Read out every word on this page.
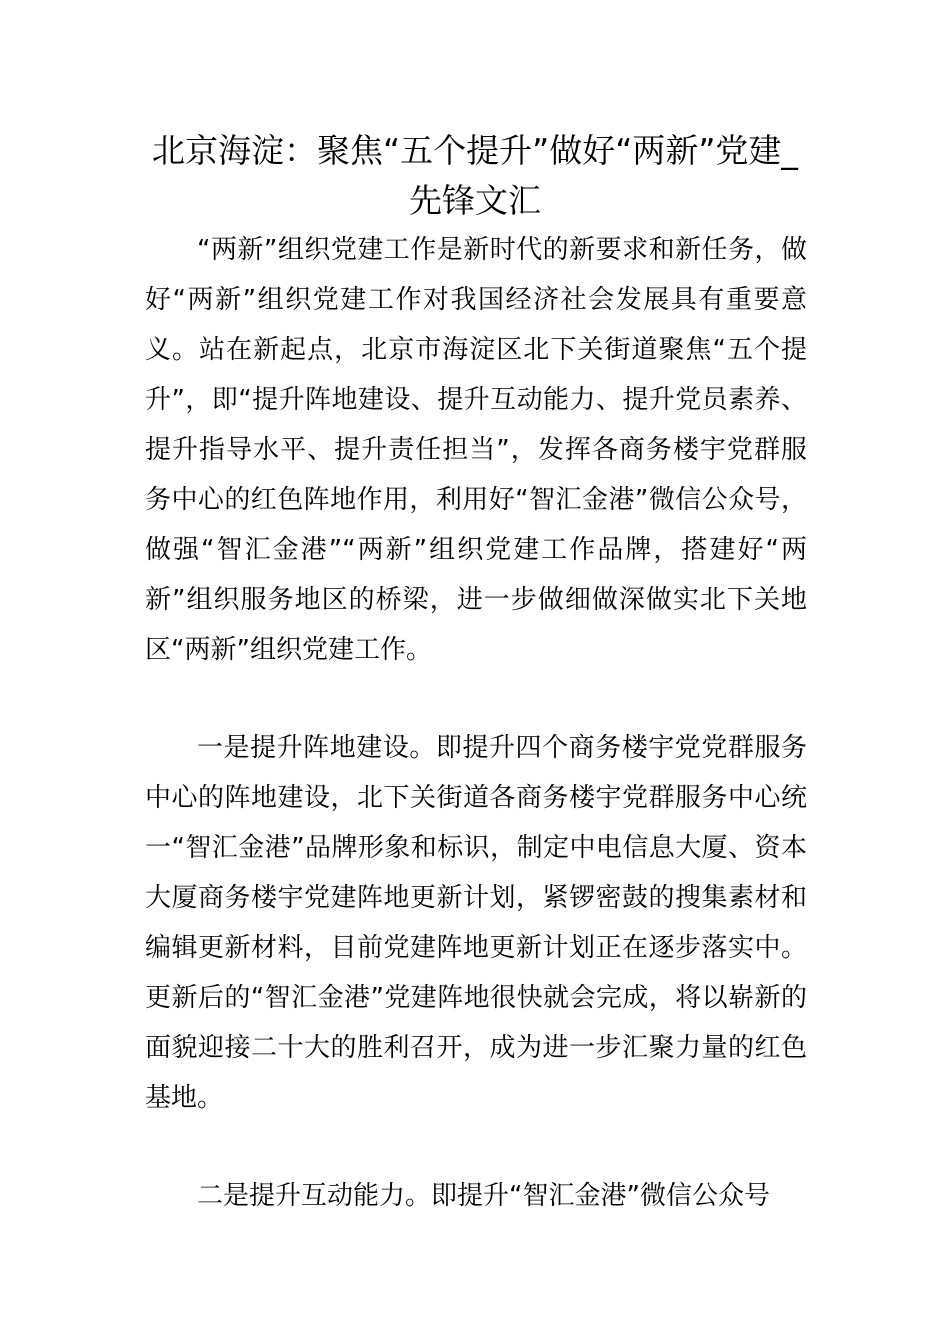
北京海淀：聚焦“五个提升”做好“两新”党建_先锋文汇

“两新”组织党建工作是新时代的新要求和新任务，做好“两新”组织党建工作对我国经济社会发展具有重要意义。站在新起点，北京市海淀区北下关街道聚焦“五个提升”，即“提升阵地建设、提升互动能力、提升党员素养、提升指导水平、提升责任担当”，发挥各商务楼宇党群服务中心的红色阵地作用，利用好“智汇金港”微信公众号，做强“智汇金港”“两新”组织党建工作品牌，搭建好“两新”组织服务地区的桥梁，进一步做细做深做实北下关地区“两新”组织党建工作。

一是提升阵地建设。即提升四个商务楼宇党党群服务中心的阵地建设，北下关街道各商务楼宇党群服务中心统一“智汇金港”品牌形象和标识，制定中电信息大厦、资本大厦商务楼宇党建阵地更新计划，紧锣密鼓的搜集素材和编辑更新材料，目前党建阵地更新计划正在逐步落实中。更新后的“智汇金港”党建阵地很快就会完成，将以崭新的面貌迎接二十大的胜利召开，成为进一步汇聚力量的红色基地。

二是提升互动能力。即提升“智汇金港”微信公众号
